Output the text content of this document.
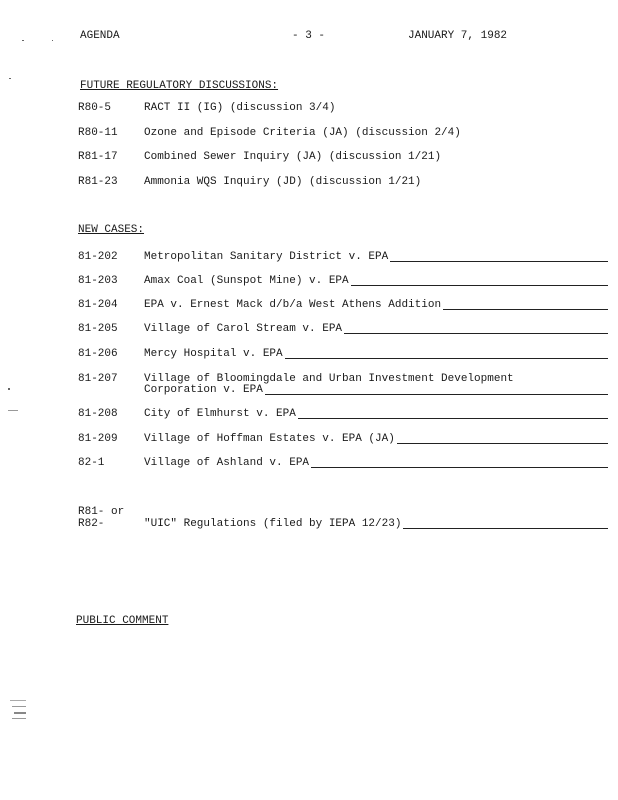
AGENDA	- 3 -	JANUARY 7, 1982
FUTURE REGULATORY DISCUSSIONS:
R80-5	RACT II (IG) (discussion 3/4)
R80-11	Ozone and Episode Criteria (JA) (discussion 2/4)
R81-17	Combined Sewer Inquiry (JA) (discussion 1/21)
R81-23	Ammonia WQS Inquiry (JD) (discussion 1/21)
NEW CASES:
81-202	Metropolitan Sanitary District v. EPA
81-203	Amax Coal (Sunspot Mine) v. EPA
81-204	EPA v. Ernest Mack d/b/a West Athens Addition
81-205	Village of Carol Stream v. EPA
81-206	Mercy Hospital v. EPA
81-207	Village of Bloomingdale and Urban Investment Development
Corporation v. EPA
81-208	City of Elmhurst v. EPA
81-209	Village of Hoffman Estates v. EPA (JA)
82-1	Village of Ashland v. EPA
R81- or
R82-	"UIC" Regulations (filed by IEPA 12/23)
PUBLIC COMMENT
